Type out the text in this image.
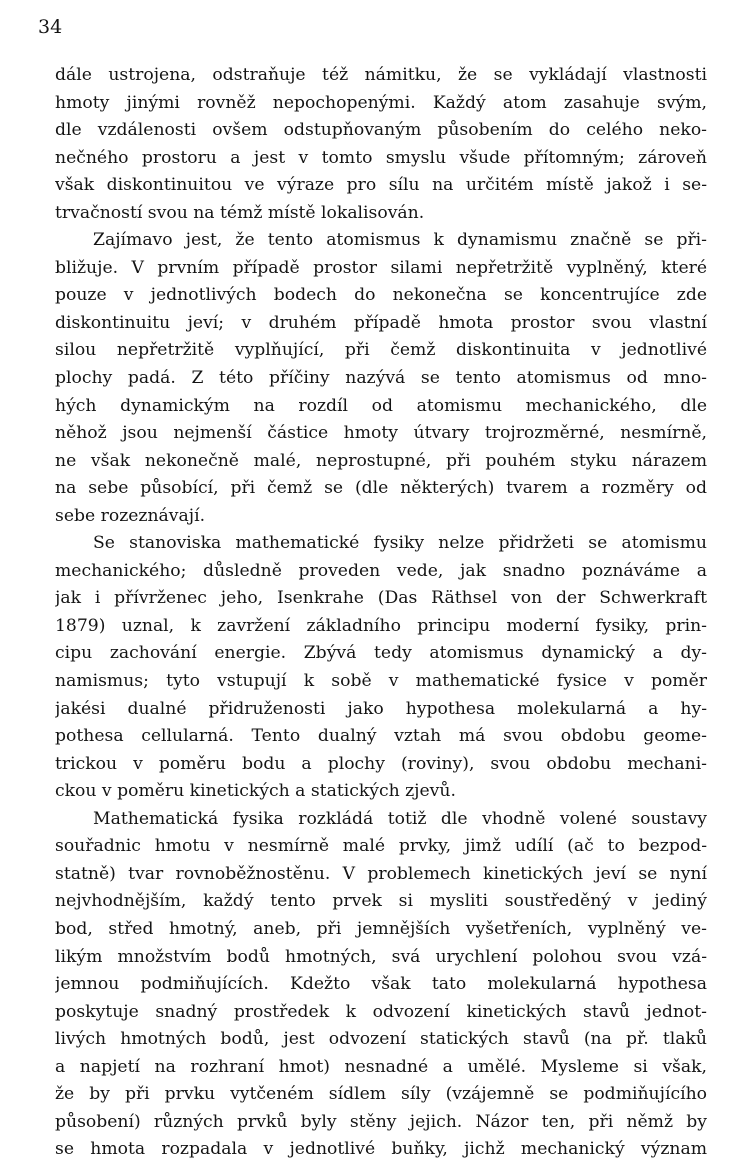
34
dále ustrojena, odstraňuje též námitku, že se vykládají vlastnosti
hmoty jinými rovněž nepochopenými. Každý atom zasahuje svým,
dle vzdálenosti ovšem odstupňovaným působením do celého neko-
nečného prostoru a jest v tomto smyslu všude přítomným; zároveň
však diskontinuitou ve výraze pro sílu na určitém místě jakož i se-
trvačností svou na témž místě lokalisován.
Zajímavo jest, že tento atomismus k dynamismu značně se při-
bližuje. V prvním případě prostor silami nepřetržitě vyplněný, které
pouze v jednotlivých bodech do nekonečna se koncentrujíce zde
diskontinuitu jeví; v druhém případě hmota prostor svou vlastní
silou nepřetržitě vyplňující, při čemž diskontinuita v jednotlivé
plochy padá. Z této příčiny nazývá se tento atomismus od mno-
hých dynamickým na rozdíl od atomismu mechanického, dle
něhož jsou nejmenší částice hmoty útvary trojrozměrné, nesmírně,
ne však nekonečně malé, neprostupné, při pouhém styku nárazem
na sebe působící, při čemž se (dle některých) tvarem a rozměry od
sebe rozeznávají.
Se stanoviska mathematické fysiky nelze přidržeti se atomismu
mechanického; důsledně proveden vede, jak snadno poznáváme a
jak i přívrženec jeho, Isenkrahe (Das Räthsel von der Schwerkraft
1879) uznal, k zavržení základního principu moderní fysiky, prin-
cipu zachování energie. Zbývá tedy atomismus dynamický a dy-
namismus; tyto vstupují k sobě v mathematické fysice v poměr
jakési dualné přidruženosti jako hypothesa molekularná a hy-
pothesa cellularná. Tento dualný vztah má svou obdobu geome-
trickou v poměru bodu a plochy (roviny), svou obdobu mechani-
ckou v poměru kinetických a statických zjevů.
Mathematická fysika rozkládá totiž dle vhodně volené soustavy
souřadnic hmotu v nesmírně malé prvky, jimž udílí (ač to bezpod-
statně) tvar rovnoběžnostěnu. V problemech kinetických jeví se nyní
nejvhodnějším, každý tento prvek si mysliti soustředěný v jediný
bod, střed hmotný, aneb, při jemnějších vyšetřeních, vyplněný ve-
likým množstvím bodů hmotných, svá urychlení polohou svou vzá-
jemnou podmiňujících. Kdežto však tato molekularná hypothesa
poskytuje snadný prostředek k odvození kinetických stavů jednot-
livých hmotných bodů, jest odvození statických stavů (na př. tlaků
a napjetí na rozhraní hmot) nesnadné a umělé. Mysleme si však,
že by při prvku vytčeném sídlem síly (vzájemně se podmiňujícího
působení) různých prvků byly stěny jejich. Názor ten, při němž by
se hmota rozpadala v jednotlivé buňky, jichž mechanický význam
